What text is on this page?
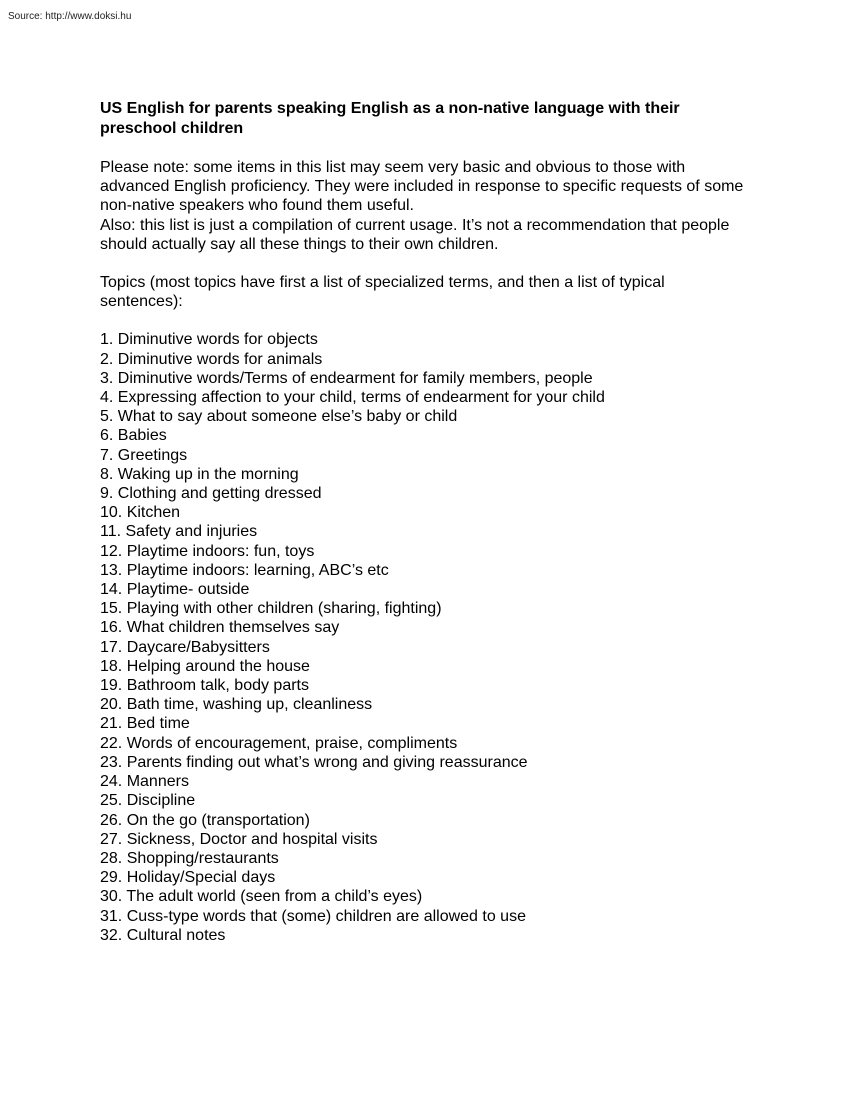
Source: http://www.doksi.hu

US English for parents speaking English as a non-native language with their preschool children

Please note: some items in this list may seem very basic and obvious to those with advanced English proficiency. They were included in response to specific requests of some non-native speakers who found them useful.

Also: this list is just a compilation of current usage. It’s not a recommendation that people should actually say all these things to their own children.

Topics (most topics have first a list of specialized terms, and then a list of typical sentences):

1. Diminutive words for objects
2. Diminutive words for animals
3. Diminutive words/Terms of endearment for family members, people
4. Expressing affection to your child, terms of endearment for your child
5. What to say about someone else’s baby or child
6. Babies
7. Greetings
8. Waking up in the morning
9. Clothing and getting dressed
10. Kitchen
11. Safety and injuries
12. Playtime indoors: fun, toys
13. Playtime indoors: learning, ABC’s etc
14. Playtime- outside
15. Playing with other children (sharing, fighting)
16. What children themselves say
17. Daycare/Babysitters
18. Helping around the house
19. Bathroom talk, body parts
20. Bath time, washing up, cleanliness
21. Bed time
22. Words of encouragement, praise, compliments
23. Parents finding out what’s wrong and giving reassurance
24. Manners
25. Discipline
26. On the go (transportation)
27. Sickness, Doctor and hospital visits
28. Shopping/restaurants
29. Holiday/Special days
30. The adult world (seen from a child’s eyes)
31. Cuss-type words that (some) children are allowed to use
32. Cultural notes
